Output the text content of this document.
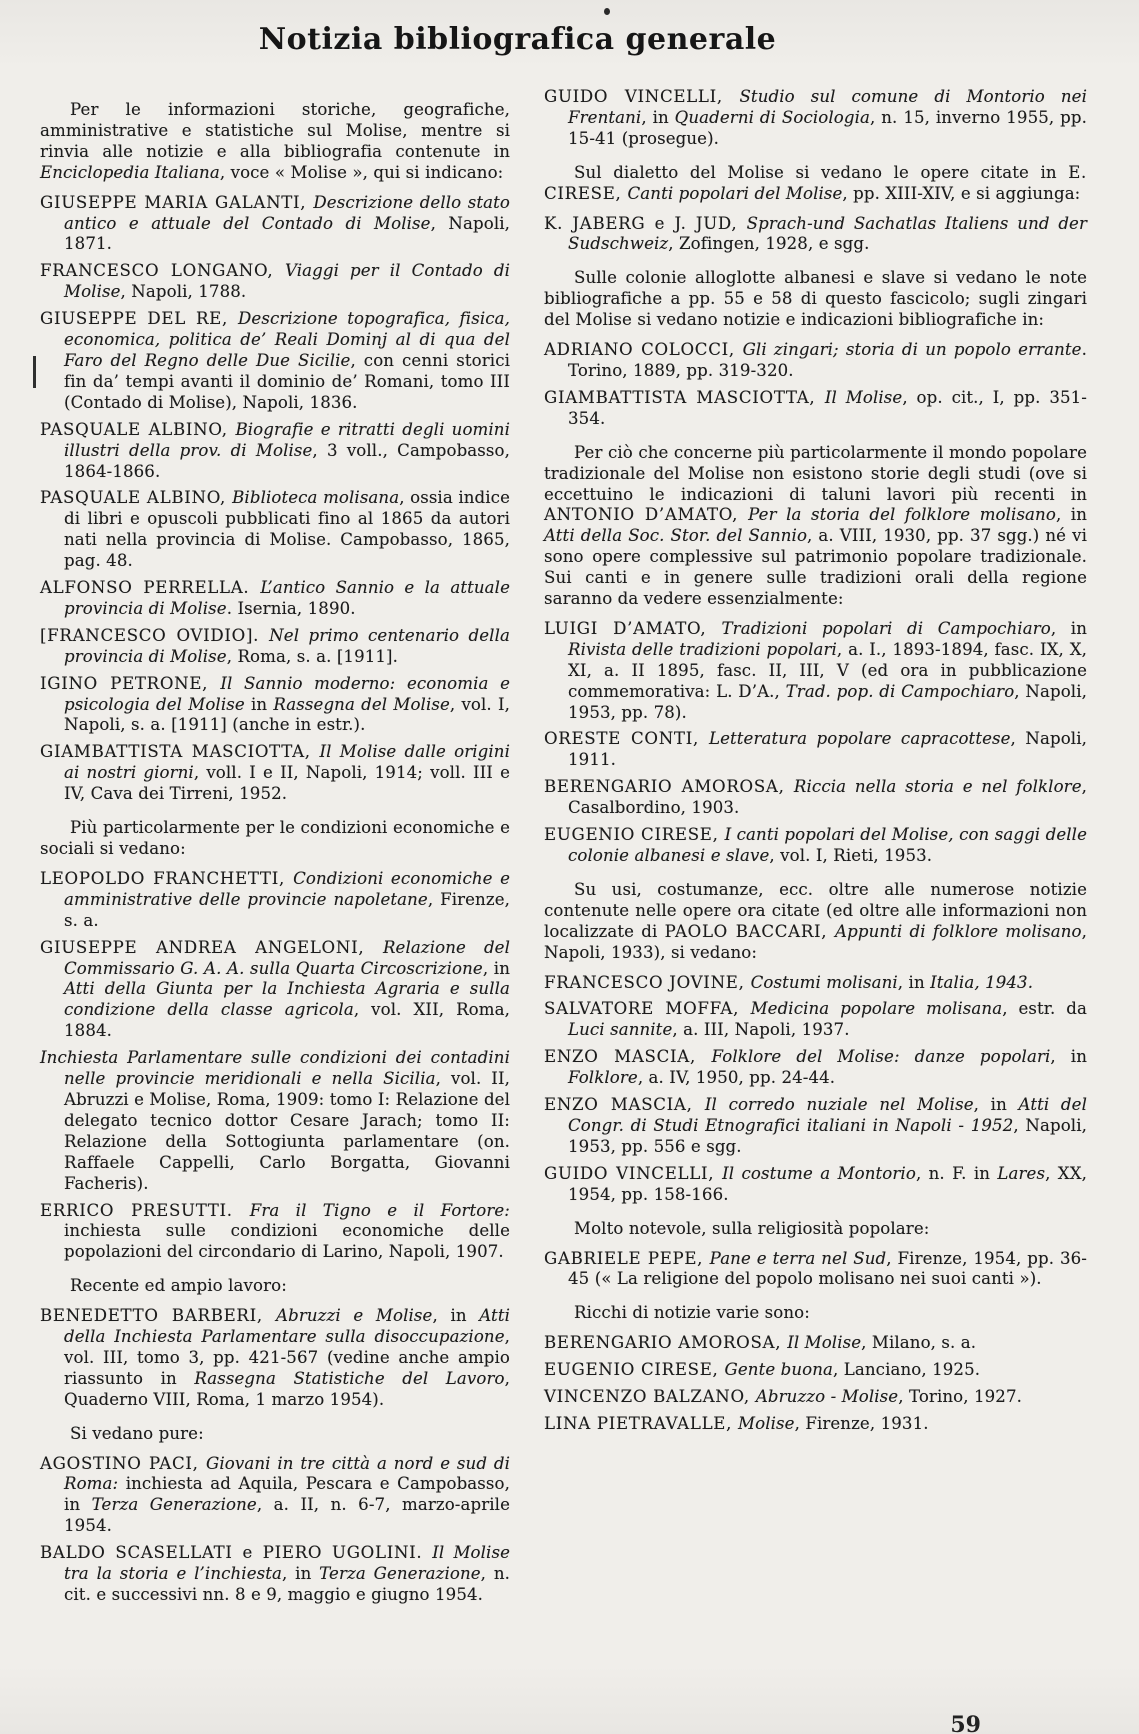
Notizia bibliografica generale

Per le informazioni storiche, geografiche, amministrative e statistiche sul Molise, mentre si rinvia alle notizie e alla bibliografia contenute in Enciclopedia Italiana, voce « Molise », qui si indicano:

GIUSEPPE MARIA GALANTI, Descrizione dello stato antico e attuale del Contado di Molise, Napoli, 1871.

FRANCESCO LONGANO, Viaggi per il Contado di Molise, Napoli, 1788.

GIUSEPPE DEL RE, Descrizione topografica, fisica, economica, politica de’ Reali Dominj al di qua del Faro del Regno delle Due Sicilie, con cenni storici fin da’ tempi avanti il dominio de’ Romani, tomo III (Contado di Molise), Napoli, 1836.

PASQUALE ALBINO, Biografie e ritratti degli uomini illustri della prov. di Molise, 3 voll., Campobasso, 1864-1866.

PASQUALE ALBINO, Biblioteca molisana, ossia indice di libri e opuscoli pubblicati fino al 1865 da autori nati nella provincia di Molise. Campobasso, 1865, pag. 48.

ALFONSO PERRELLA. L’antico Sannio e la attuale provincia di Molise. Isernia, 1890.

[FRANCESCO OVIDIO]. Nel primo centenario della provincia di Molise, Roma, s. a. [1911].

IGINO PETRONE, Il Sannio moderno: economia e psicologia del Molise in Rassegna del Molise, vol. I, Napoli, s. a. [1911] (anche in estr.).

GIAMBATTISTA MASCIOTTA, Il Molise dalle origini ai nostri giorni, voll. I e II, Napoli, 1914; voll. III e IV, Cava dei Tirreni, 1952.

Più particolarmente per le condizioni economiche e sociali si vedano:

LEOPOLDO FRANCHETTI, Condizioni economiche e amministrative delle provincie napoletane, Firenze, s. a.

GIUSEPPE ANDREA ANGELONI, Relazione del Commissario G. A. A. sulla Quarta Circoscrizione, in Atti della Giunta per la Inchiesta Agraria e sulla condizione della classe agricola, vol. XII, Roma, 1884.

Inchiesta Parlamentare sulle condizioni dei contadini nelle provincie meridionali e nella Sicilia, vol. II, Abruzzi e Molise, Roma, 1909: tomo I: Relazione del delegato tecnico dottor Cesare Jarach; tomo II: Relazione della Sottogiunta parlamentare (on. Raffaele Cappelli, Carlo Borgatta, Giovanni Facheris).

ERRICO PRESUTTI. Fra il Tigno e il Fortore: inchiesta sulle condizioni economiche delle popolazioni del circondario di Larino, Napoli, 1907.

Recente ed ampio lavoro:

BENEDETTO BARBERI, Abruzzi e Molise, in Atti della Inchiesta Parlamentare sulla disoccupazione, vol. III, tomo 3, pp. 421-567 (vedine anche ampio riassunto in Rassegna Statistiche del Lavoro, Quaderno VIII, Roma, 1 marzo 1954).

Si vedano pure:

AGOSTINO PACI, Giovani in tre città a nord e sud di Roma: inchiesta ad Aquila, Pescara e Campobasso, in Terza Generazione, a. II, n. 6-7, marzo-aprile 1954.

BALDO SCASELLATI e PIERO UGOLINI. Il Molise tra la storia e l’inchiesta, in Terza Generazione, n. cit. e successivi nn. 8 e 9, maggio e giugno 1954.

GUIDO VINCELLI, Studio sul comune di Montorio nei Frentani, in Quaderni di Sociologia, n. 15, inverno 1955, pp. 15-41 (prosegue).

Sul dialetto del Molise si vedano le opere citate in E. CIRESE, Canti popolari del Molise, pp. XIII-XIV, e si aggiunga:

K. JABERG e J. JUD, Sprach-und Sachatlas Italiens und der Sudschweiz, Zofingen, 1928, e sgg.

Sulle colonie alloglotte albanesi e slave si vedano le note bibliografiche a pp. 55 e 58 di questo fascicolo; sugli zingari del Molise si vedano notizie e indicazioni bibliografiche in:

ADRIANO COLOCCI, Gli zingari; storia di un popolo errante. Torino, 1889, pp. 319-320.

GIAMBATTISTA MASCIOTTA, Il Molise, op. cit., I, pp. 351-354.

Per ciò che concerne più particolarmente il mondo popolare tradizionale del Molise non esistono storie degli studi (ove si eccettuino le indicazioni di taluni lavori più recenti in ANTONIO D’AMATO, Per la storia del folklore molisano, in Atti della Soc. Stor. del Sannio, a. VIII, 1930, pp. 37 sgg.) né vi sono opere complessive sul patrimonio popolare tradizionale. Sui canti e in genere sulle tradizioni orali della regione saranno da vedere essenzialmente:

LUIGI D’AMATO, Tradizioni popolari di Campochiaro, in Rivista delle tradizioni popolari, a. I., 1893-1894, fasc. IX, X, XI, a. II 1895, fasc. II, III, V (ed ora in pubblicazione commemorativa: L. D’A., Trad. pop. di Campochiaro, Napoli, 1953, pp. 78).

ORESTE CONTI, Letteratura popolare capracottese, Napoli, 1911.

BERENGARIO AMOROSA, Riccia nella storia e nel folklore, Casalbordino, 1903.

EUGENIO CIRESE, I canti popolari del Molise, con saggi delle colonie albanesi e slave, vol. I, Rieti, 1953.

Su usi, costumanze, ecc. oltre alle numerose notizie contenute nelle opere ora citate (ed oltre alle informazioni non localizzate di PAOLO BACCARI, Appunti di folklore molisano, Napoli, 1933), si vedano:

FRANCESCO JOVINE, Costumi molisani, in Italia, 1943.

SALVATORE MOFFA, Medicina popolare molisana, estr. da Luci sannite, a. III, Napoli, 1937.

ENZO MASCIA, Folklore del Molise: danze popolari, in Folklore, a. IV, 1950, pp. 24-44.

ENZO MASCIA, Il corredo nuziale nel Molise, in Atti del Congr. di Studi Etnografici italiani in Napoli - 1952, Napoli, 1953, pp. 556 e sgg.

GUIDO VINCELLI, Il costume a Montorio, n. F. in Lares, XX, 1954, pp. 158-166.

Molto notevole, sulla religiosità popolare:

GABRIELE PEPE, Pane e terra nel Sud, Firenze, 1954, pp. 36-45 (« La religione del popolo molisano nei suoi canti »).

Ricchi di notizie varie sono:

BERENGARIO AMOROSA, Il Molise, Milano, s. a.

EUGENIO CIRESE, Gente buona, Lanciano, 1925.

VINCENZO BALZANO, Abruzzo - Molise, Torino, 1927.

LINA PIETRAVALLE, Molise, Firenze, 1931.

59
